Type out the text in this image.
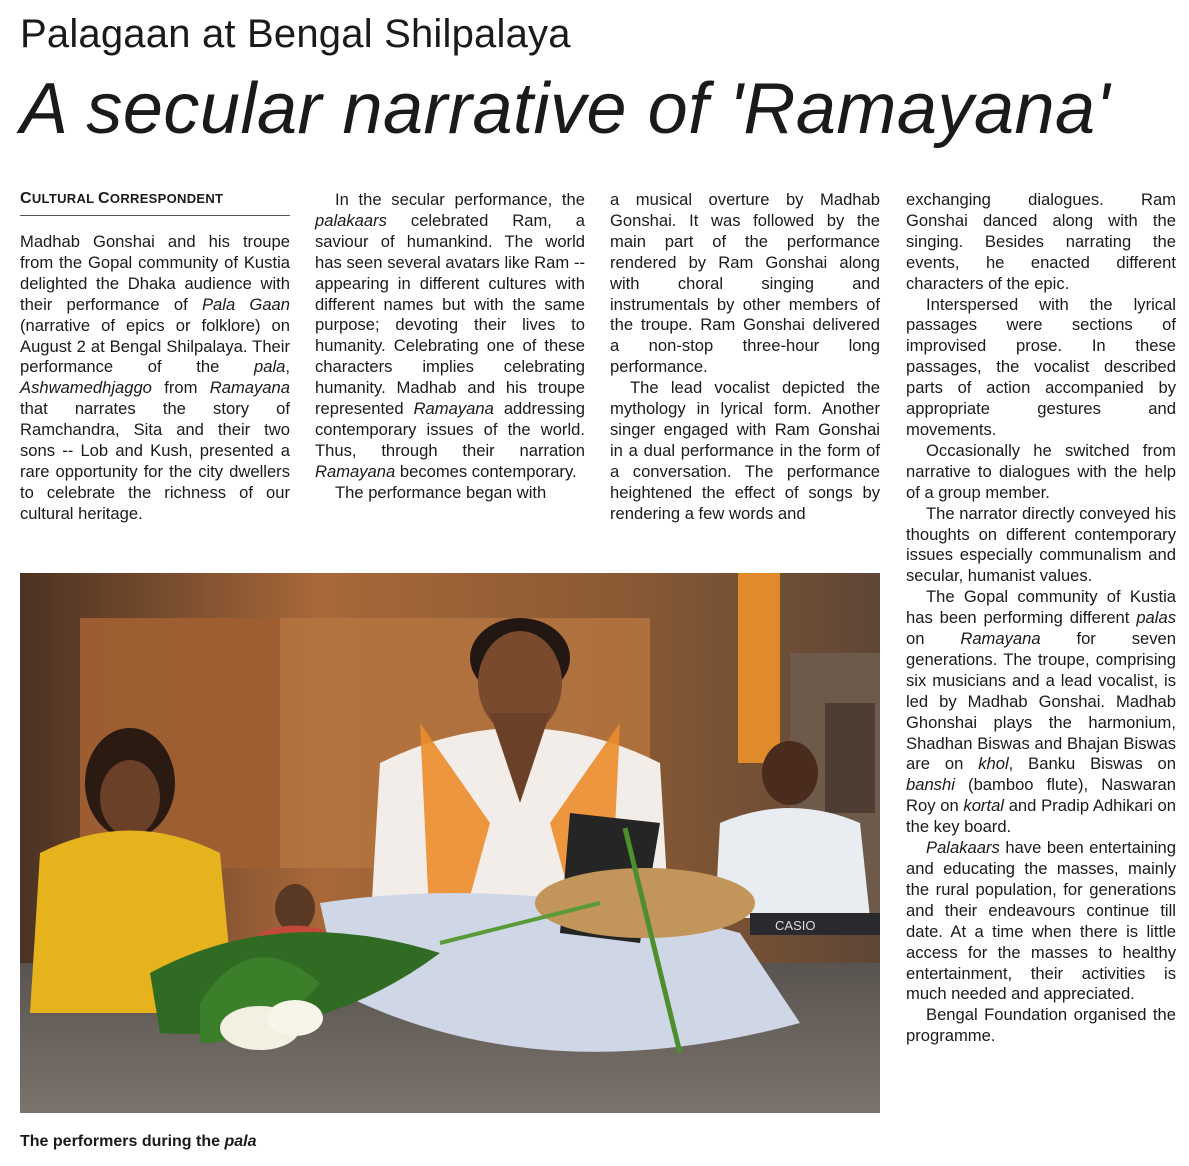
Palagaan at Bengal Shilpalaya
A secular narrative of 'Ramayana'
CULTURAL CORRESPONDENT

Madhab Gonshai and his troupe from the Gopal community of Kustia delighted the Dhaka audience with their performance of Pala Gaan (narrative of epics or folklore) on August 2 at Bengal Shilpalaya. Their performance of the pala, Ashwamedhjaggo from Ramayana that narrates the story of Ramchandra, Sita and their two sons -- Lob and Kush, presented a rare opportunity for the city dwellers to celebrate the richness of our cultural heritage.

In the secular performance, the palakaars celebrated Ram, a saviour of humankind. The world has seen several avatars like Ram -- appearing in different cultures with different names but with the same purpose; devoting their lives to humanity. Celebrating one of these characters implies celebrating humanity. Madhab and his troupe represented Ramayana addressing contemporary issues of the world. Thus, through their narration Ramayana becomes contemporary.

The performance began with

a musical overture by Madhab Gonshai. It was followed by the main part of the performance rendered by Ram Gonshai along with choral singing and instrumentals by other members of the troupe. Ram Gonshai delivered a non-stop three-hour long performance.

The lead vocalist depicted the mythology in lyrical form. Another singer engaged with Ram Gonshai in a dual performance in the form of a conversation. The performance heightened the effect of songs by rendering a few words and

exchanging dialogues. Ram Gonshai danced along with the singing. Besides narrating the events, he enacted different characters of the epic.

Interspersed with the lyrical passages were sections of improvised prose. In these passages, the vocalist described parts of action accompanied by appropriate gestures and movements.

Occasionally he switched from narrative to dialogues with the help of a group member.

The narrator directly conveyed his thoughts on different contemporary issues especially communalism and secular, humanist values.

The Gopal community of Kustia has been performing different palas on Ramayana for seven generations. The troupe, comprising six musicians and a lead vocalist, is led by Madhab Gonshai. Madhab Ghonshai plays the harmonium, Shadhan Biswas and Bhajan Biswas are on khol, Banku Biswas on banshi (bamboo flute), Naswaran Roy on kortal and Pradip Adhikari on the key board.

Palakaars have been entertaining and educating the masses, mainly the rural population, for generations and their endeavours continue till date. At a time when there is little access for the masses to healthy entertainment, their activities is much needed and appreciated.

Bengal Foundation organised the programme.

CASIO
The performers during the pala
